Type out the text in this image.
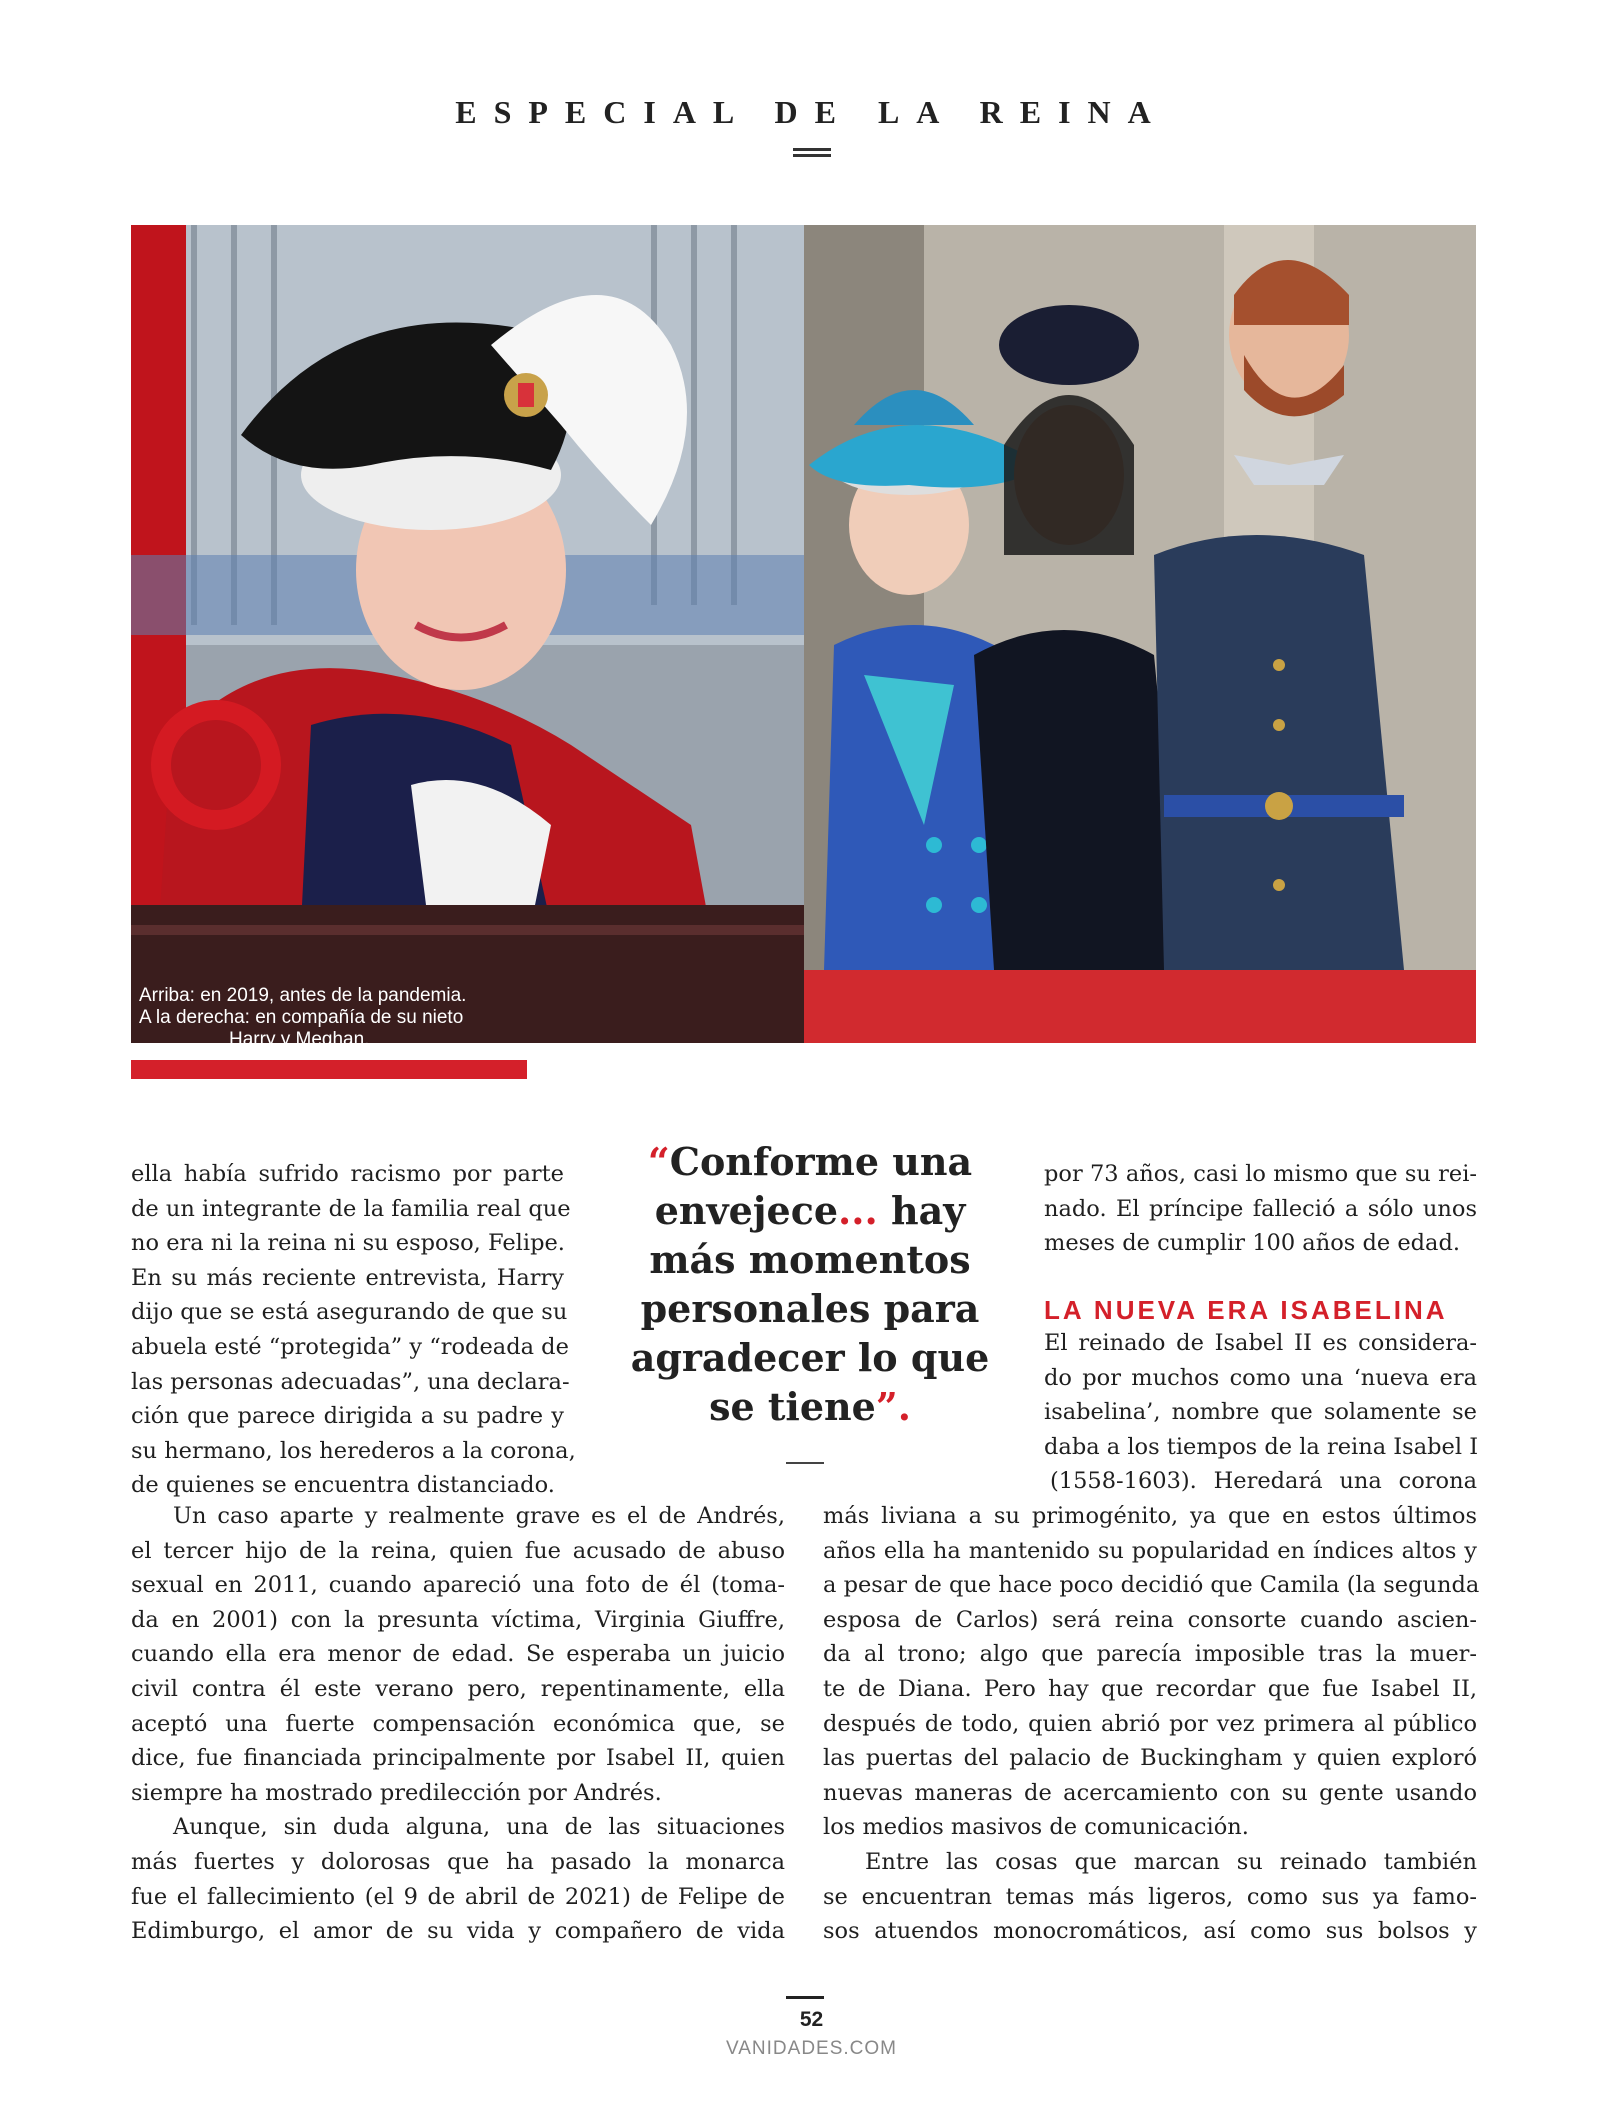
ESPECIAL DE LA REINA
Arriba: en 2019, antes de la pandemia.
A la derecha: en compañía de su nieto
Harry y Meghan.
ella había sufrido racismo por parte
de un integrante de la familia real que
no era ni la reina ni su esposo, Felipe.
En su más reciente entrevista, Harry
dijo que se está asegurando de que su
abuela esté “protegida” y “rodeada de
las personas adecuadas”, una declara-
ción que parece dirigida a su padre y
su hermano, los herederos a la corona,
de quienes se encuentra distanciado.
“Conforme una envejece... hay más momentos personales para agradecer lo que se tiene”.
por 73 años, casi lo mismo que su rei-
nado. El príncipe falleció a sólo unos
meses de cumplir 100 años de edad.
LA NUEVA ERA ISABELINA
El reinado de Isabel II es considera-
do por muchos como una ‘nueva era
isabelina’, nombre que solamente se
daba a los tiempos de la reina Isabel I
(1558-1603). Heredará una corona
Un caso aparte y realmente grave es el de Andrés,
el tercer hijo de la reina, quien fue acusado de abuso
sexual en 2011, cuando apareció una foto de él (toma-
da en 2001) con la presunta víctima, Virginia Giuffre,
cuando ella era menor de edad. Se esperaba un juicio
civil contra él este verano pero, repentinamente, ella
aceptó una fuerte compensación económica que, se
dice, fue financiada principalmente por Isabel II, quien
siempre ha mostrado predilección por Andrés.
Aunque, sin duda alguna, una de las situaciones
más fuertes y dolorosas que ha pasado la monarca
fue el fallecimiento (el 9 de abril de 2021) de Felipe de
Edimburgo, el amor de su vida y compañero de vida
más liviana a su primogénito, ya que en estos últimos
años ella ha mantenido su popularidad en índices altos y
a pesar de que hace poco decidió que Camila (la segunda
esposa de Carlos) será reina consorte cuando ascien-
da al trono; algo que parecía imposible tras la muer-
te de Diana. Pero hay que recordar que fue Isabel II,
después de todo, quien abrió por vez primera al público
las puertas del palacio de Buckingham y quien exploró
nuevas maneras de acercamiento con su gente usando
los medios masivos de comunicación.
Entre las cosas que marcan su reinado también
se encuentran temas más ligeros, como sus ya famo-
sos atuendos monocromáticos, así como sus bolsos y
52
VANIDADES.COM
